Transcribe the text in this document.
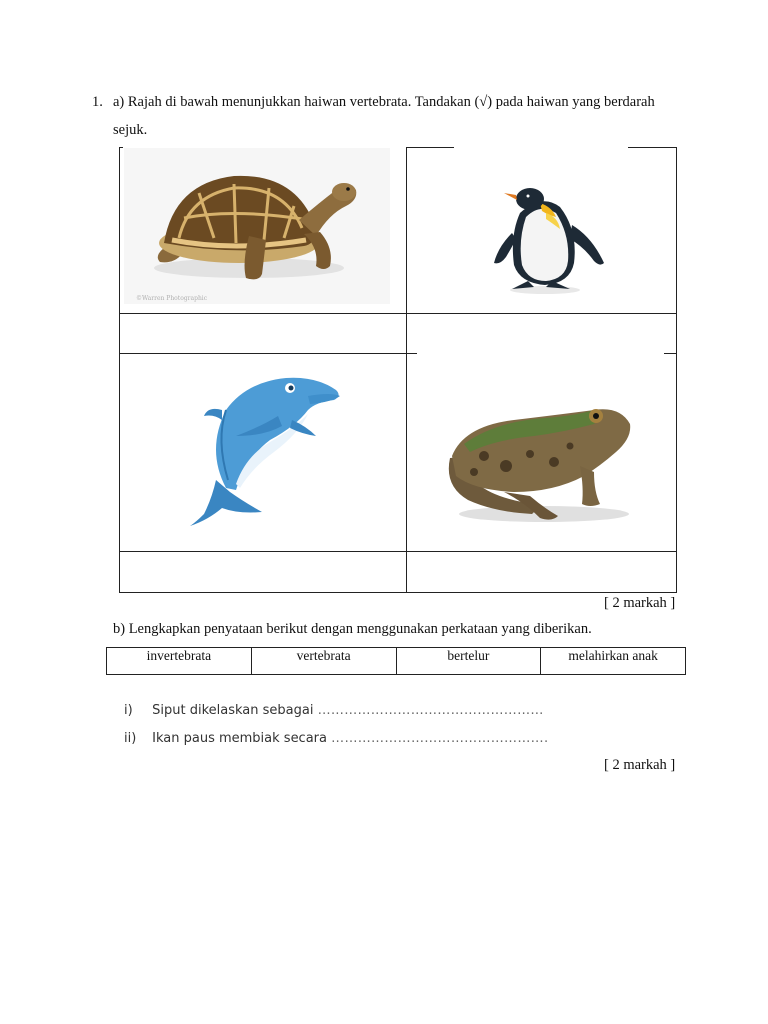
1. a) Rajah di bawah menunjukkan haiwan vertebrata. Tandakan (√) pada haiwan yang berdarah
sejuk.
©Warren Photographic
[ 2 markah ]
b) Lengkapkan penyataan berikut dengan menggunakan perkataan yang diberikan.
invertebrata	vertebrata	bertelur	melahirkan anak
i) Siput dikelaskan sebagai ……………………………………………
ii) Ikan paus membiak secara ………………………………………….
[ 2 markah ]
